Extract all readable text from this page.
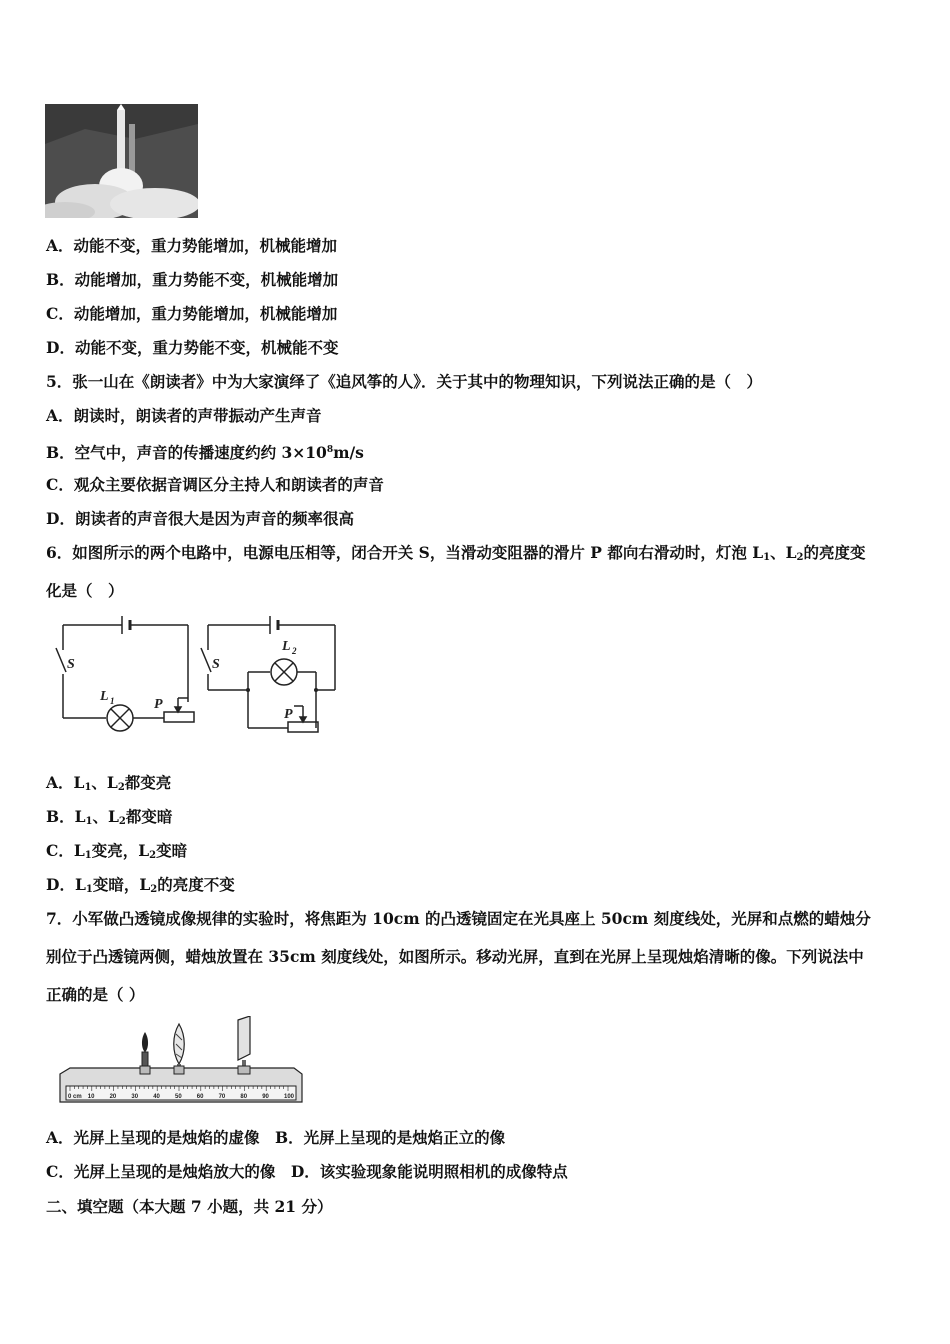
A．动能不变，重力势能增加，机械能增加
B．动能增加，重力势能不变，机械能增加
C．动能增加，重力势能增加，机械能增加
D．动能不变，重力势能不变，机械能不变
5．张一山在《朗读者》中为大家演绎了《追风筝的人》．关于其中的物理知识，下列说法正确的是（　）
A．朗读时，朗读者的声带振动产生声音
B．空气中，声音的传播速度约约 $3\times 10^8m/s$
C．观众主要依据音调区分主持人和朗读者的声音
D．朗读者的声音很大是因为声音的频率很高
6．如图所示的两个电路中，电源电压相等，闭合开关 S，当滑动变阻器的滑片 P 都向右滑动时，灯泡 $L_1$、$L_2$的亮度变
化是（　）
S
L 1	P
S
L 2
P
A．$L_1$、$L_2$都变亮
B．$L_1$、$L_2$都变暗
C．$L_1$变亮，$L_2$变暗
D．$L_1$变暗，$L_2$的亮度不变
7．小军做凸透镜成像规律的实验时，将焦距为 10cm 的凸透镜固定在光具座上 50cm 刻度线处，光屏和点燃的蜡烛分
别位于凸透镜两侧，蜡烛放置在 35cm 刻度线处，如图所示。移动光屏，直到在光屏上呈现烛焰清晰的像。下列说法中
正确的是（ ）
0 cm 10	20	30	40	50	60	70	80	90	100
A．光屏上呈现的是烛焰的虚像　B．光屏上呈现的是烛焰正立的像
C．光屏上呈现的是烛焰放大的像　D．该实验现象能说明照相机的成像特点
二、填空题（本大题 7 小题，共 21 分）
